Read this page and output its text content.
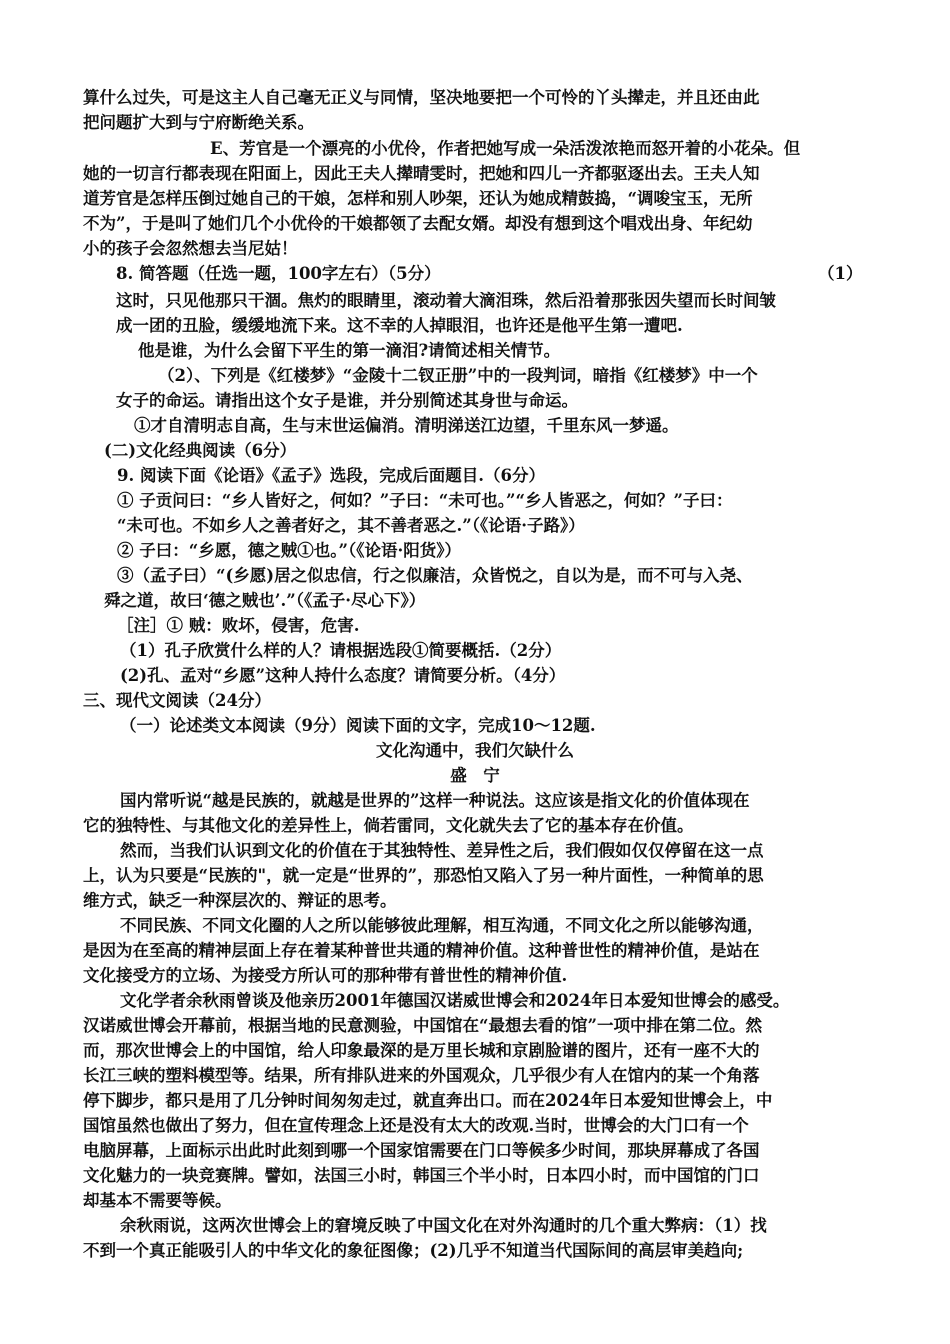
算什么过失，可是这主人自己毫无正义与同情，坚决地要把一个可怜的丫头撵走，并且还由此
把问题扩大到与宁府断绝关系。
E、芳官是一个漂亮的小优伶，作者把她写成一朵活泼浓艳而怒开着的小花朵。但
她的一切言行都表现在阳面上，因此王夫人撵晴雯时，把她和四儿一齐都驱逐出去。王夫人知
道芳官是怎样压倒过她自己的干娘，怎样和别人吵架，还认为她成精鼓捣，“调唆宝玉，无所
不为”，于是叫了她们几个小优伶的干娘都领了去配女婿。却没有想到这个唱戏出身、年纪幼
小的孩子会忽然想去当尼姑！
8. 简答题（任选一题，100字左右）（5分）	（1）
这时，只见他那只干涸。焦灼的眼睛里，滚动着大滴泪珠，然后沿着那张因失望而长时间皱
成一团的丑脸，缓缓地流下来。这不幸的人掉眼泪，也许还是他平生第一遭吧.
他是谁，为什么会留下平生的第一滴泪?请简述相关情节。
（2）、下列是《红楼梦》“金陵十二钗正册”中的一段判词，暗指《红楼梦》中一个
女子的命运。请指出这个女子是谁，并分别简述其身世与命运。
①才自清明志自高，生与末世运偏消。清明涕送江边望，千里东风一梦遥。
(二)文化经典阅读（6分）
9. 阅读下面《论语》《孟子》选段，完成后面题目.（6分）
① 子贡问曰：“乡人皆好之，何如？”子曰：“未可也。”“乡人皆恶之，何如？”子曰：
“未可也。不如乡人之善者好之，其不善者恶之.”（《论语·子路》）
② 子曰：“乡愿，德之贼①也。”（《论语·阳货》）
③（孟子曰）“(乡愿)居之似忠信，行之似廉洁，众皆悦之，自以为是，而不可与入尧、
舜之道，故曰‘德之贼也’.”（《孟子·尽心下》）
［注］① 贼：败坏，侵害，危害.
（1）孔子欣赏什么样的人？请根据选段①简要概括.（2分）
(2)孔、孟对“乡愿”这种人持什么态度？请简要分析。（4分）
三、现代文阅读（24分）
（一）论述类文本阅读（9分）阅读下面的文字，完成10～12题.
文化沟通中，我们欠缺什么
盛　宁
国内常听说“越是民族的，就越是世界的”这样一种说法。这应该是指文化的价值体现在
它的独特性、与其他文化的差异性上，倘若雷同，文化就失去了它的基本存在价值。
然而，当我们认识到文化的价值在于其独特性、差异性之后，我们假如仅仅停留在这一点
上，认为只要是“民族的"，就一定是“世界的”，那恐怕又陷入了另一种片面性，一种简单的思
维方式，缺乏一种深层次的、辩证的思考。
不同民族、不同文化圈的人之所以能够彼此理解，相互沟通，不同文化之所以能够沟通，
是因为在至高的精神层面上存在着某种普世共通的精神价值。这种普世性的精神价值，是站在
文化接受方的立场、为接受方所认可的那种带有普世性的精神价值.
文化学者余秋雨曾谈及他亲历2001年德国汉诺威世博会和2024年日本爱知世博会的感受。
汉诺威世博会开幕前，根据当地的民意测验，中国馆在“最想去看的馆”一项中排在第二位。然
而，那次世博会上的中国馆，给人印象最深的是万里长城和京剧脸谱的图片，还有一座不大的
长江三峡的塑料模型等。结果，所有排队进来的外国观众，几乎很少有人在馆内的某一个角落
停下脚步，都只是用了几分钟时间匆匆走过，就直奔出口。而在2024年日本爱知世博会上，中
国馆虽然也做出了努力，但在宣传理念上还是没有太大的改观.当时，世博会的大门口有一个
电脑屏幕，上面标示出此时此刻到哪一个国家馆需要在门口等候多少时间，那块屏幕成了各国
文化魅力的一块竞赛牌。譬如，法国三小时，韩国三个半小时，日本四小时，而中国馆的门口
却基本不需要等候。
余秋雨说，这两次世博会上的窘境反映了中国文化在对外沟通时的几个重大弊病：（1）找
不到一个真正能吸引人的中华文化的象征图像；(2)几乎不知道当代国际间的高层审美趋向;
